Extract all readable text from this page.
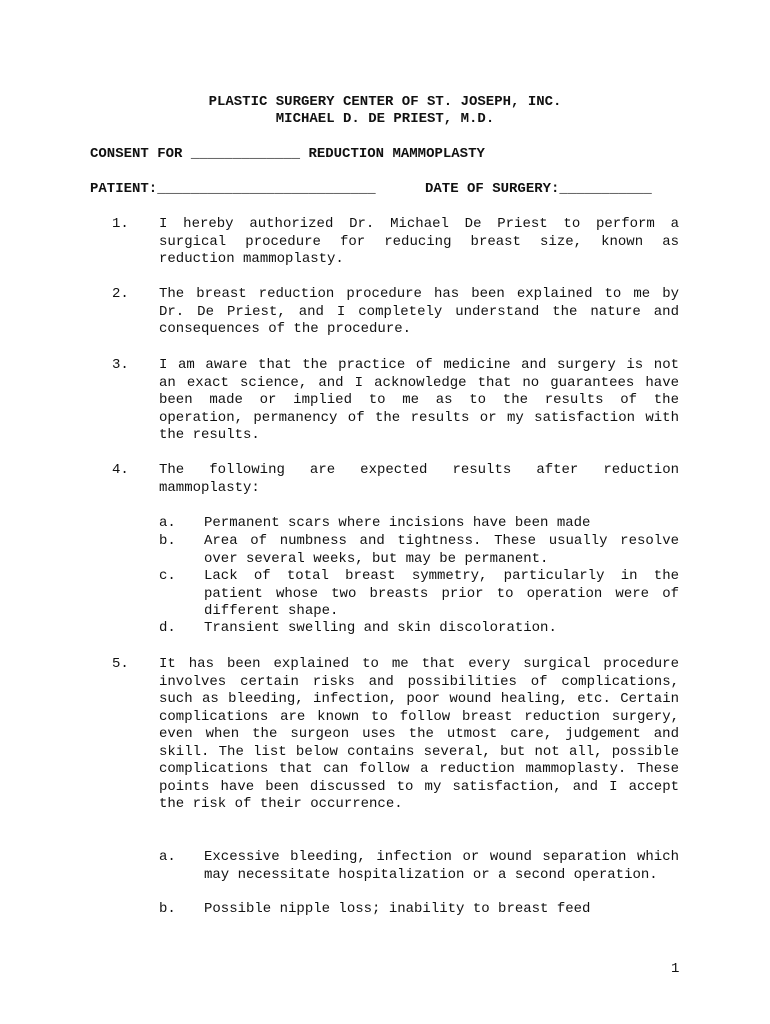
PLASTIC SURGERY CENTER OF ST. JOSEPH, INC.
MICHAEL D. DE PRIEST, M.D.
CONSENT FOR _____________ REDUCTION MAMMOPLASTY
PATIENT:__________________________	DATE OF SURGERY:___________
1. I hereby authorized Dr. Michael De Priest to perform a surgical procedure for reducing breast size, known as reduction mammoplasty.
2. The breast reduction procedure has been explained to me by Dr. De Priest, and I completely understand the nature and consequences of the procedure.
3. I am aware that the practice of medicine and surgery is not an exact science, and I acknowledge that no guarantees have been made or implied to me as to the results of the operation, permanency of the results or my satisfaction with the results.
4. The following are expected results after reduction mammoplasty:
a. Permanent scars where incisions have been made
b. Area of numbness and tightness. These usually resolve over several weeks, but may be permanent.
c. Lack of total breast symmetry, particularly in the patient whose two breasts prior to operation were of different shape.
d. Transient swelling and skin discoloration.
5. It has been explained to me that every surgical procedure involves certain risks and possibilities of complications, such as bleeding, infection, poor wound healing, etc. Certain complications are known to follow breast reduction surgery, even when the surgeon uses the utmost care, judgement and skill. The list below contains several, but not all, possible complications that can follow a reduction mammoplasty. These points have been discussed to my satisfaction, and I accept the risk of their occurrence.
a. Excessive bleeding, infection or wound separation which may necessitate hospitalization or a second operation.
b. Possible nipple loss; inability to breast feed
1
